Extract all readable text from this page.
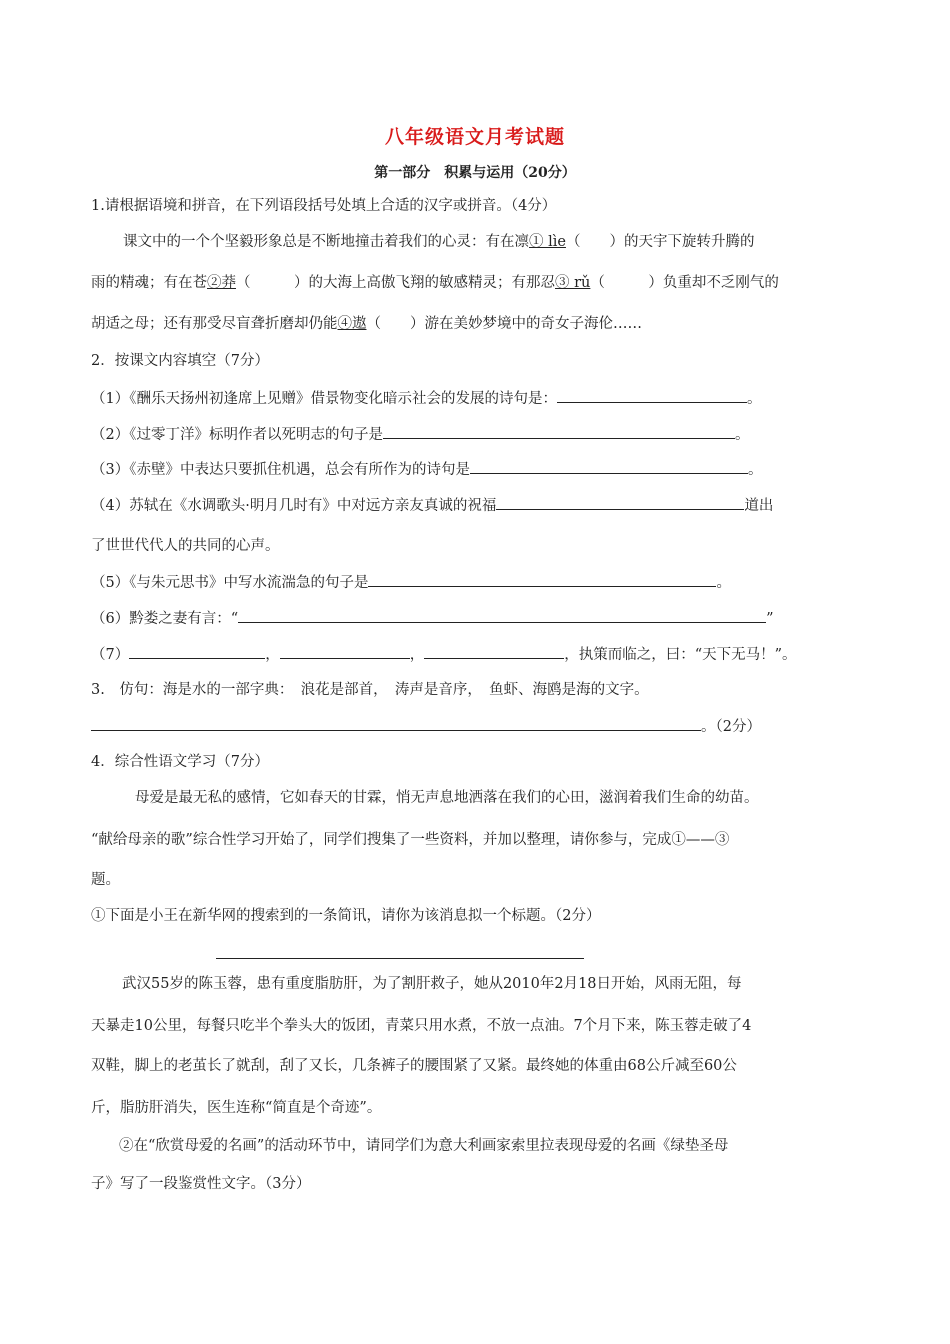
八年级语文月考试题
第一部分　积累与运用（20分）
1.请根据语境和拼音，在下列语段括号处填上合适的汉字或拼音。（4分）
课文中的一个个坚毅形象总是不断地撞击着我们的心灵：有在凛① lìe（　　）的天宇下旋转升腾的
雨的精魂；有在苍②莽（　　　）的大海上高傲飞翔的敏感精灵；有那忍③ rǔ（　　　）负重却不乏刚气的
胡适之母；还有那受尽盲聋折磨却仍能④遨（　　）游在美妙梦境中的奇女子海伦……
2．按课文内容填空（7分）
（1）《酬乐天扬州初逢席上见赠》借景物变化暗示社会的发展的诗句是：	。
（2）《过零丁洋》标明作者以死明志的句子是	。
（3）《赤壁》中表达只要抓住机遇，总会有所作为的诗句是	。
（4）苏轼在《水调歌头·明月几时有》中对远方亲友真诚的祝福	道出
了世世代代人的共同的心声。
（5）《与朱元思书》中写水流湍急的句子是	。
（6）黔娄之妻有言：“	”
（7）	，	，	，执策而临之，曰：“天下无马！”。
3.　仿句：海是水的一部字典：　浪花是部首，　涛声是音序，　鱼虾、海鸥是海的文字。
。（2分）
4．综合性语文学习（7分）
母爱是最无私的感情，它如春天的甘霖，悄无声息地洒落在我们的心田，滋润着我们生命的幼苗。
“献给母亲的歌”综合性学习开始了，同学们搜集了一些资料，并加以整理，请你参与，完成①——③
题。
①下面是小王在新华网的搜索到的一条简讯，请你为该消息拟一个标题。（2分）
武汉55岁的陈玉蓉，患有重度脂肪肝，为了割肝救子，她从2010年2月18日开始，风雨无阻，每
天暴走10公里，每餐只吃半个拳头大的饭团，青菜只用水煮，不放一点油。7个月下来，陈玉蓉走破了4
双鞋，脚上的老茧长了就刮，刮了又长，几条裤子的腰围紧了又紧。最终她的体重由68公斤减至60公
斤，脂肪肝消失，医生连称“简直是个奇迹”。
②在“欣赏母爱的名画”的活动环节中，请同学们为意大利画家索里拉表现母爱的名画《绿垫圣母
子》写了一段鉴赏性文字。（3分）
